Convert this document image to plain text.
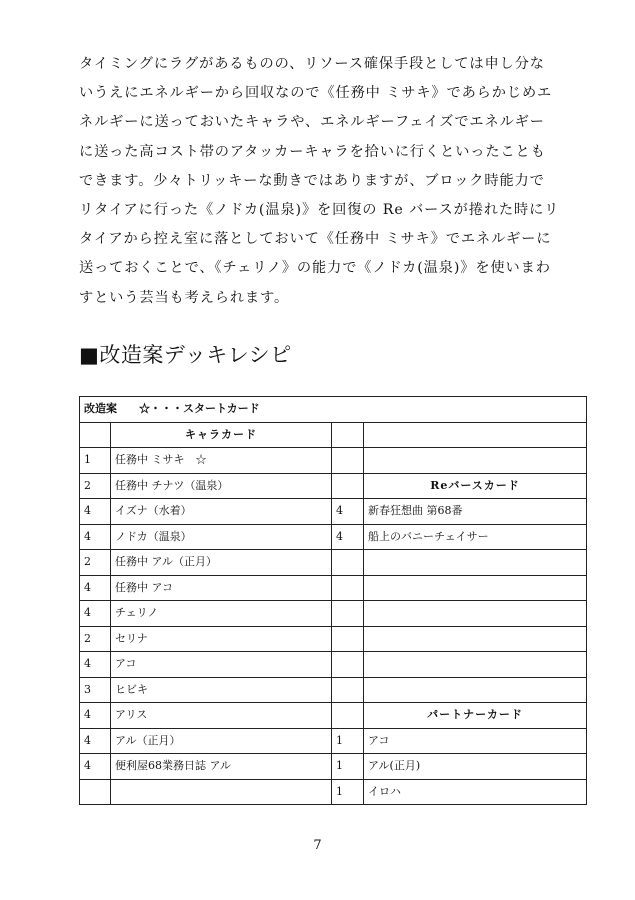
タイミングにラグがあるものの、リソース確保手段としては申し分な
いうえにエネルギーから回収なので《任務中 ミサキ》であらかじめエ
ネルギーに送っておいたキャラや、エネルギーフェイズでエネルギー
に送った高コスト帯のアタッカーキャラを拾いに行くといったことも
できます。少々トリッキーな動きではありますが、ブロック時能力で
リタイアに行った《ノドカ(温泉)》を回復の Re バースが捲れた時にリ
タイアから控え室に落としておいて《任務中 ミサキ》でエネルギーに
送っておくことで、《チェリノ》の能力で《ノドカ(温泉)》を使いまわ
すという芸当も考えられます。
■改造案デッキレシピ
改造案　　☆・・・スタートカード			
	キャラカード		
1	任務中 ミサキ　☆		
2	任務中 チナツ（温泉）		Reバースカード
4	イズナ（水着）	4	新春狂想曲 第68番
4	ノドカ（温泉）	4	船上のバニーチェイサー
2	任務中 アル（正月）		
4	任務中 アコ		
4	チェリノ		
2	セリナ		
4	アコ		
3	ヒビキ		
4	アリス		パートナーカード
4	アル（正月）	1	アコ
4	便利屋68業務日誌 アル	1	アル(正月)
		1	イロハ
7
